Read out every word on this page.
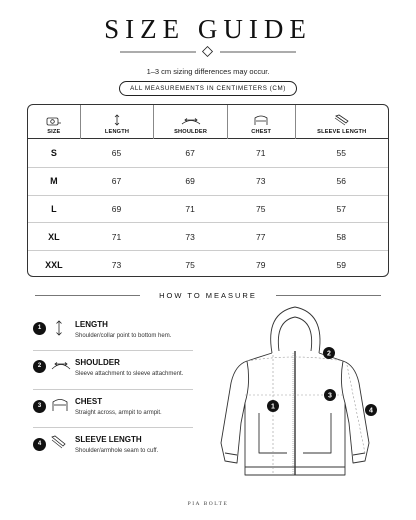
SIZE GUIDE
1–3 cm sizing differences may occur.
ALL MEASUREMENTS IN CENTIMETERS (CM)
SIZE	LENGTH	SHOULDER	CHEST	SLEEVE LENGTH
S	65	67	71	55
M	67	69	73	56
L	69	71	75	57
XL	71	73	77	58
XXL	73	75	79	59
HOW TO MEASURE
1	LENGTH
Shoulder/collar point to bottom hem.
2	SHOULDER
Sleeve attachment to sleeve attachment.
3	CHEST
Straight across, armpit to armpit.
4	SLEEVE LENGTH
Shoulder/armhole seam to cuff.
1
2
3
4
PIA BOLTE
